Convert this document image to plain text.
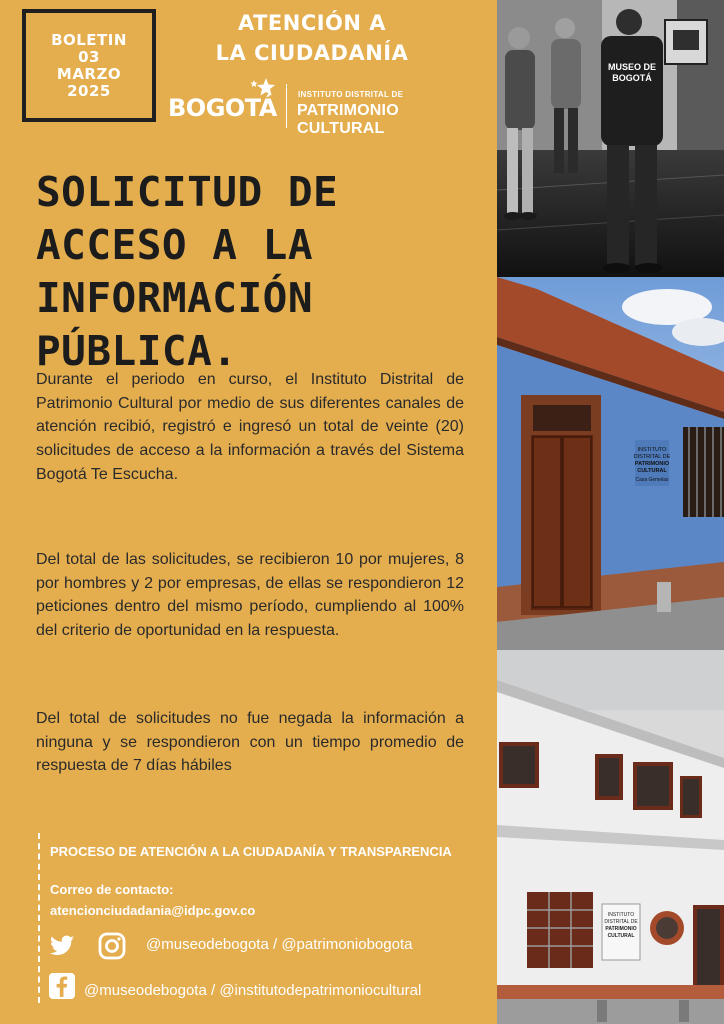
BOLETIN
03
MARZO
2025
ATENCIÓN A
LA CIUDADANÍA
BOGOTÁ	INSTITUTO DISTRITAL DE
PATRIMONIO CULTURAL
SOLICITUD DE
ACCESO A LA
INFORMACIÓN
PÚBLICA.

Durante el periodo en curso, el Instituto Distrital de Patrimonio Cultural por medio de sus diferentes canales de atención recibió, registró e ingresó un total de veinte (20) solicitudes de acceso a la información a través del Sistema Bogotá Te Escucha.

Del total de las solicitudes, se recibieron 10 por mujeres, 8 por hombres y 2 por empresas, de ellas se respondieron 12 peticiones dentro del mismo período, cumpliendo al 100% del criterio de oportunidad en la respuesta.

Del total de solicitudes no fue negada la información a ninguna y se respondieron con un tiempo promedio de respuesta de 7 días hábiles

PROCESO DE ATENCIÓN A LA CIUDADANÍA Y TRANSPARENCIA
Correo de contacto:
atencionciudadania@idpc.gov.co
@museodebogota / @patrimoniobogota
@museodebogota / @institutodepatrimoniocultural
MUSEO DE
BOGOTÁ
INSTITUTO
DISTRITAL DE
PATRIMONIO
CULTURAL
Casa Gemelas
INSTITUTO
DISTRITAL DE
PATRIMONIO
CULTURAL
